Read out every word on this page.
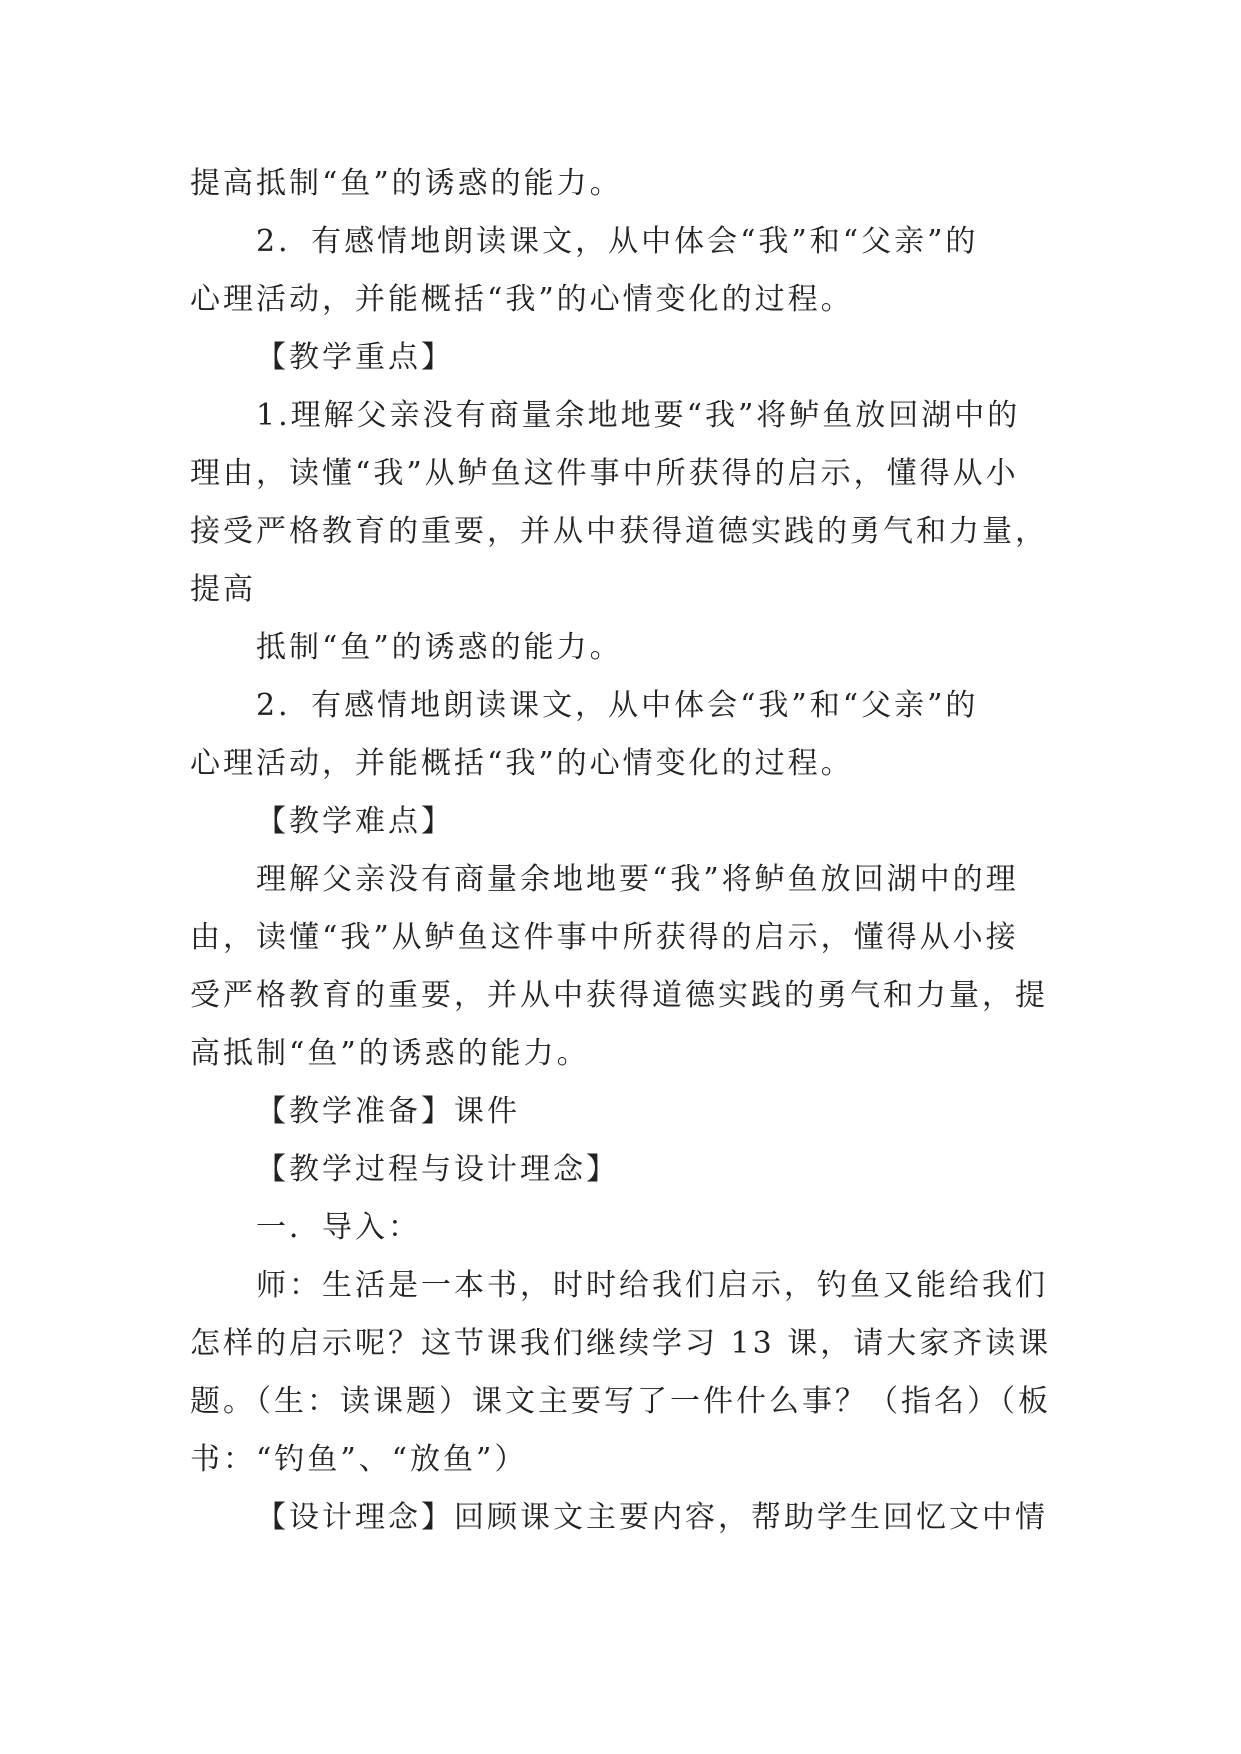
提高抵制“鱼”的诱惑的能力。

2．有感情地朗读课文，从中体会“我”和“父亲”的

心理活动，并能概括“我”的心情变化的过程。

【教学重点】

1.理解父亲没有商量余地地要“我”将鲈鱼放回湖中的

理由，读懂“我”从鲈鱼这件事中所获得的启示，懂得从小

接受严格教育的重要，并从中获得道德实践的勇气和力量，

提高

抵制“鱼”的诱惑的能力。

2．有感情地朗读课文，从中体会“我”和“父亲”的

心理活动，并能概括“我”的心情变化的过程。

【教学难点】

理解父亲没有商量余地地要“我”将鲈鱼放回湖中的理

由，读懂“我”从鲈鱼这件事中所获得的启示，懂得从小接

受严格教育的重要，并从中获得道德实践的勇气和力量，提

高抵制“鱼”的诱惑的能力。

【教学准备】课件

【教学过程与设计理念】

一．导入：

师：生活是一本书，时时给我们启示，钓鱼又能给我们

怎样的启示呢？这节课我们继续学习 13 课，请大家齐读课

题。（生：读课题）课文主要写了一件什么事？（指名）（板

书：“钓鱼”、“放鱼”）

【设计理念】回顾课文主要内容，帮助学生回忆文中情
